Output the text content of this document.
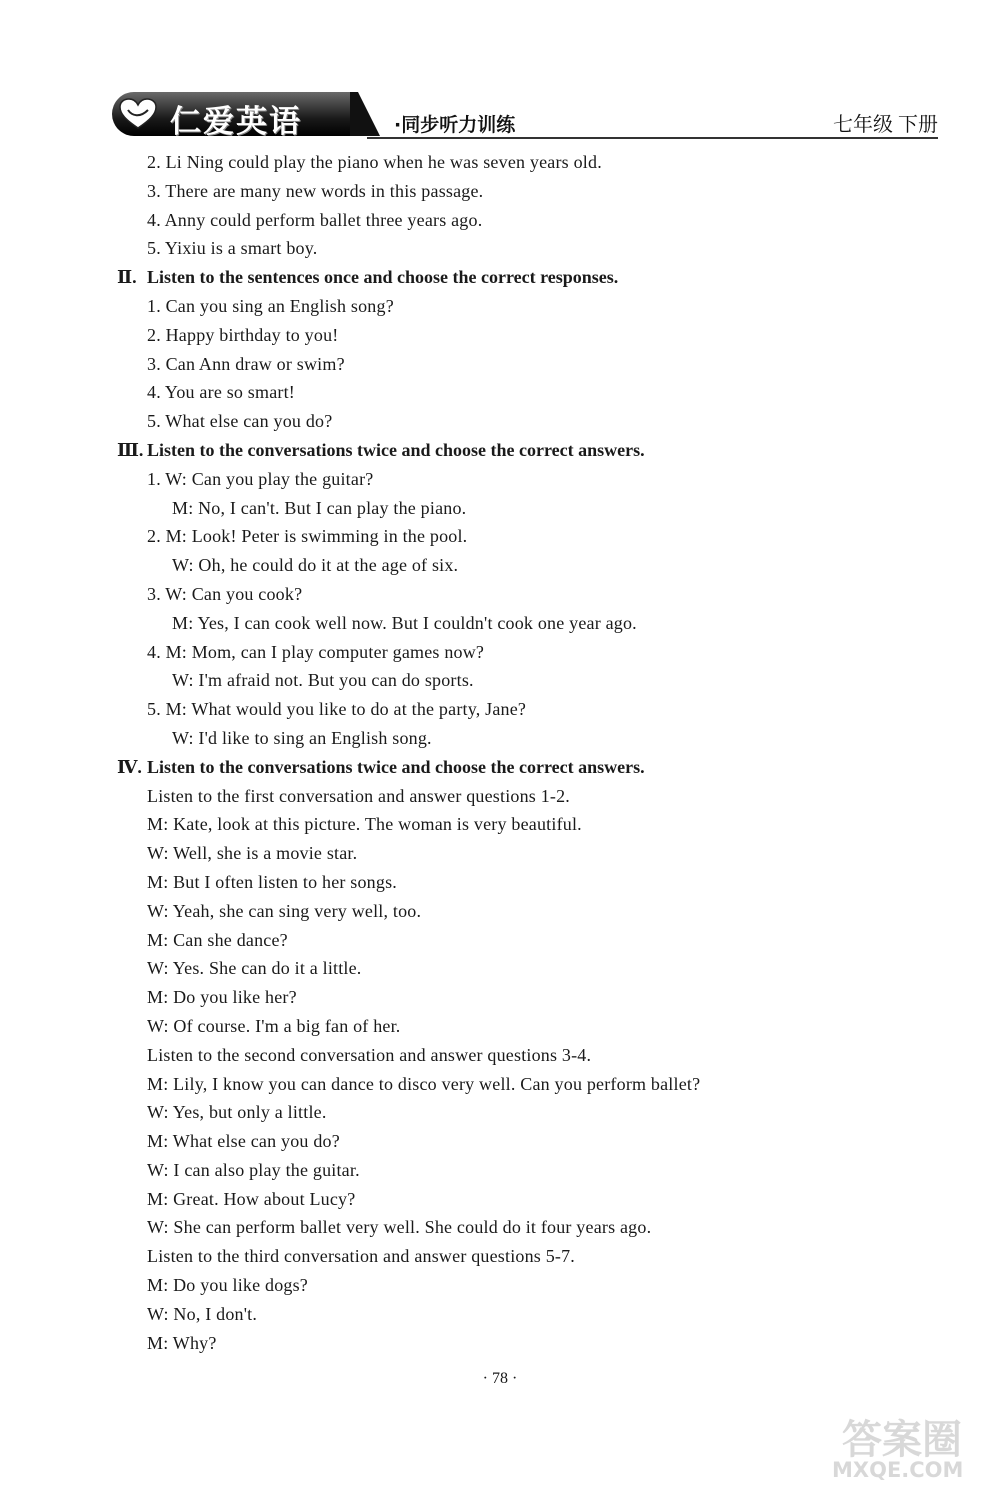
仁爱英语	·同步听力训练	七年级 下册
2. Li Ning could play the piano when he was seven years old.
3. There are many new words in this passage.
4. Anny could perform ballet three years ago.
5. Yixiu is a smart boy.
Ⅱ. Listen to the sentences once and choose the correct responses.
1. Can you sing an English song?
2. Happy birthday to you!
3. Can Ann draw or swim?
4. You are so smart!
5. What else can you do?
Ⅲ. Listen to the conversations twice and choose the correct answers.
1. W: Can you play the guitar?
M: No, I can't. But I can play the piano.
2. M: Look! Peter is swimming in the pool.
W: Oh, he could do it at the age of six.
3. W: Can you cook?
M: Yes, I can cook well now. But I couldn't cook one year ago.
4. M: Mom, can I play computer games now?
W: I'm afraid not. But you can do sports.
5. M: What would you like to do at the party, Jane?
W: I'd like to sing an English song.
Ⅳ. Listen to the conversations twice and choose the correct answers.
Listen to the first conversation and answer questions 1-2.
M: Kate, look at this picture. The woman is very beautiful.
W: Well, she is a movie star.
M: But I often listen to her songs.
W: Yeah, she can sing very well, too.
M: Can she dance?
W: Yes. She can do it a little.
M: Do you like her?
W: Of course. I'm a big fan of her.
Listen to the second conversation and answer questions 3-4.
M: Lily, I know you can dance to disco very well. Can you perform ballet?
W: Yes, but only a little.
M: What else can you do?
W: I can also play the guitar.
M: Great. How about Lucy?
W: She can perform ballet very well. She could do it four years ago.
Listen to the third conversation and answer questions 5-7.
M: Do you like dogs?
W: No, I don't.
M: Why?
· 78 ·
答案圈
MXQE.COM
